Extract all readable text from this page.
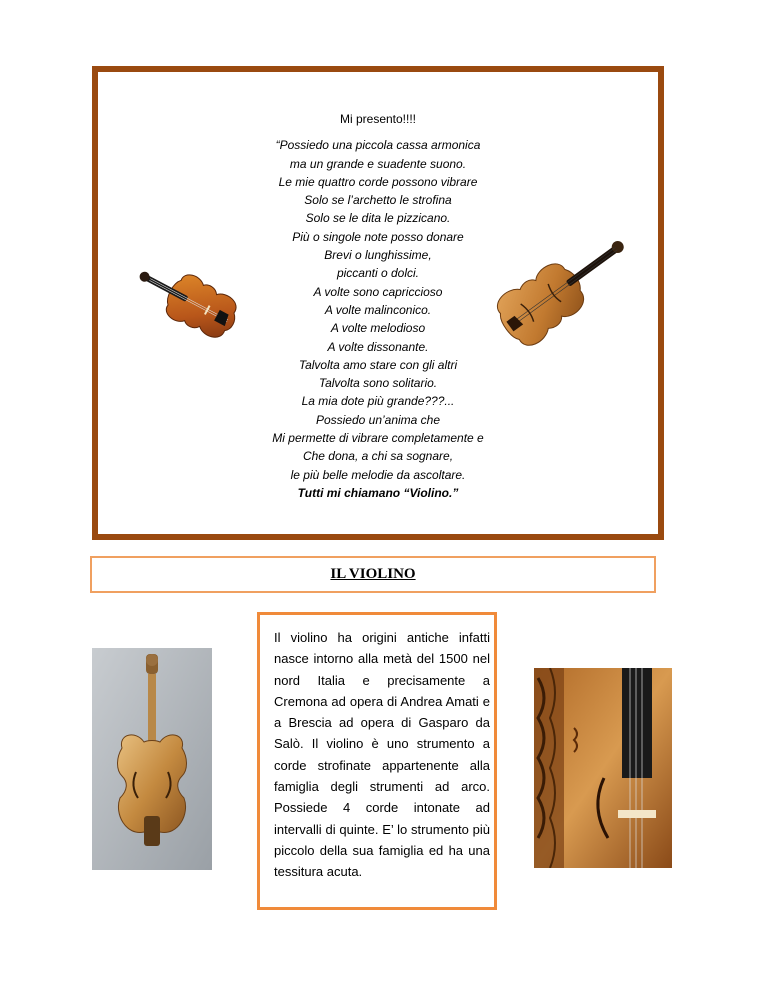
Mi presento!!!!
“Possiedo una piccola cassa armonica
ma un grande e suadente suono.
Le mie quattro corde possono vibrare
Solo se l’archetto le strofina
Solo se le dita le pizzicano.
Più o singole note posso donare
Brevi o lunghissime,
piccanti o dolci.
A volte sono capriccioso
A volte malinconico.
A volte melodioso
A volte dissonante.
Talvolta amo stare con gli altri
Talvolta sono solitario.
La mia dote più grande???...
Possiedo un’anima che
Mi permette di vibrare completamente e
Che dona, a chi sa sognare,
le più belle melodie da ascoltare.
Tutti mi chiamano “Violino.”
IL VIOLINO

Il violino ha origini antiche infatti nasce intorno alla metà del 1500 nel nord Italia e precisamente a Cremona ad opera di Andrea Amati e a Brescia ad opera di Gasparo da Salò. Il violino è uno strumento a corde strofinate appartenente alla famiglia degli strumenti ad arco. Possiede 4 corde intonate ad intervalli di quinte. E’ lo strumento più piccolo della sua famiglia ed ha una tessitura acuta.
